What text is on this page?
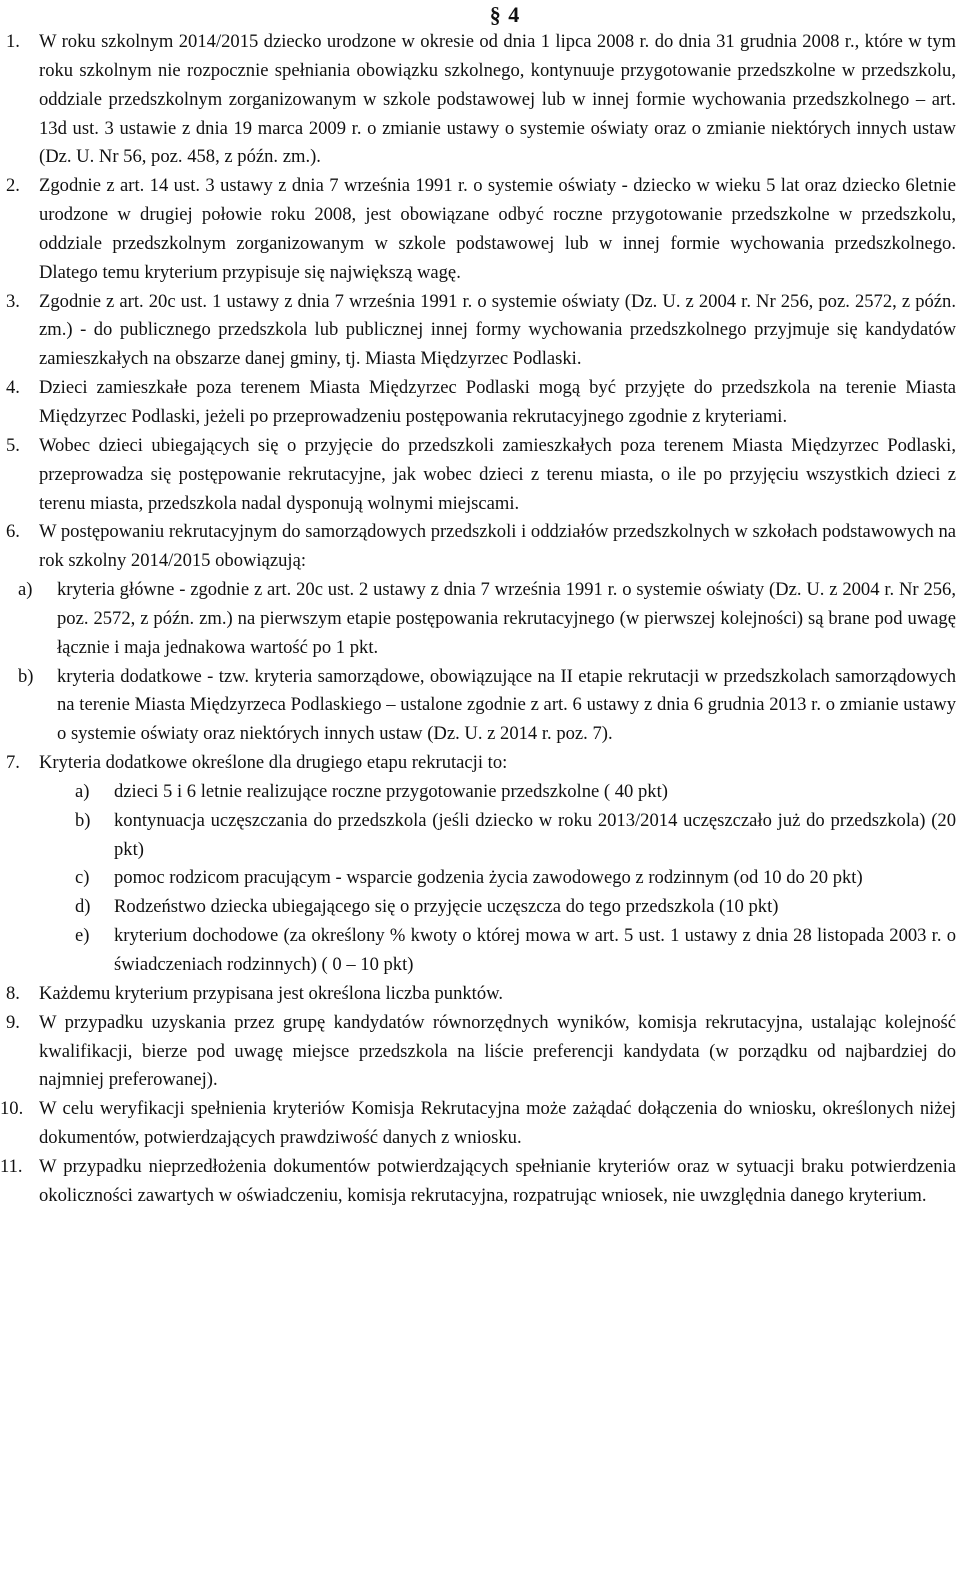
§ 4
1.	W roku szkolnym 2014/2015 dziecko urodzone w okresie od dnia 1 lipca 2008 r. do dnia 31 grudnia 2008 r., które w tym roku szkolnym nie rozpocznie spełniania obowiązku szkolnego, kontynuuje przygotowanie przedszkolne w przedszkolu, oddziale przedszkolnym zorganizowanym w szkole podstawowej lub w innej formie wychowania przedszkolnego – art. 13d ust. 3 ustawie z dnia 19 marca 2009 r. o zmianie ustawy o systemie oświaty oraz o zmianie niektórych innych ustaw (Dz. U. Nr 56, poz. 458, z późn. zm.).
2.	Zgodnie z art. 14 ust. 3 ustawy z dnia 7 września 1991 r. o systemie oświaty - dziecko w wieku 5 lat oraz dziecko 6letnie urodzone w drugiej połowie roku 2008, jest obowiązane odbyć roczne przygotowanie przedszkolne w przedszkolu, oddziale przedszkolnym zorganizowanym w szkole podstawowej lub w innej formie wychowania przedszkolnego. Dlatego temu kryterium przypisuje się największą wagę.
3.	Zgodnie z art. 20c ust. 1 ustawy z dnia 7 września 1991 r. o systemie oświaty (Dz. U. z 2004 r. Nr 256, poz. 2572, z późn. zm.) - do publicznego przedszkola lub publicznej innej formy wychowania przedszkolnego przyjmuje się kandydatów zamieszkałych na obszarze danej gminy, tj. Miasta Międzyrzec Podlaski.
4.	Dzieci zamieszkałe poza terenem Miasta Międzyrzec Podlaski mogą być przyjęte do przedszkola na terenie Miasta Międzyrzec Podlaski, jeżeli po przeprowadzeniu postępowania rekrutacyjnego zgodnie z kryteriami.
5.	Wobec dzieci ubiegających się o przyjęcie do przedszkoli zamieszkałych poza terenem Miasta Międzyrzec Podlaski, przeprowadza się postępowanie rekrutacyjne, jak wobec dzieci z terenu miasta, o ile po przyjęciu wszystkich dzieci z terenu miasta, przedszkola nadal dysponują wolnymi miejscami.
6.	W postępowaniu rekrutacyjnym do samorządowych przedszkoli i oddziałów przedszkolnych w szkołach podstawowych na rok szkolny 2014/2015 obowiązują:
a)	kryteria główne - zgodnie z art. 20c ust. 2 ustawy z dnia 7 września 1991 r. o systemie oświaty (Dz. U. z 2004 r. Nr 256, poz. 2572, z późn. zm.) na pierwszym etapie postępowania rekrutacyjnego (w pierwszej kolejności) są brane pod uwagę łącznie i maja jednakowa wartość po 1 pkt.
b)	kryteria dodatkowe - tzw. kryteria samorządowe, obowiązujące na II etapie rekrutacji w przedszkolach samorządowych na terenie Miasta Międzyrzeca Podlaskiego – ustalone zgodnie z art. 6 ustawy z dnia 6 grudnia 2013 r. o zmianie ustawy o systemie oświaty oraz niektórych innych ustaw (Dz. U. z 2014 r. poz. 7).
7.	Kryteria dodatkowe określone dla drugiego etapu rekrutacji to:
a)	dzieci 5 i 6 letnie realizujące roczne przygotowanie przedszkolne ( 40 pkt)
b)	kontynuacja uczęszczania do przedszkola (jeśli dziecko w roku 2013/2014 uczęszczało już do przedszkola) (20 pkt)
c)	pomoc rodzicom pracującym - wsparcie godzenia życia zawodowego z rodzinnym (od 10 do 20 pkt)
d)	Rodzeństwo dziecka ubiegającego się o przyjęcie uczęszcza do tego przedszkola (10 pkt)
e)	kryterium dochodowe (za określony % kwoty o której mowa w art. 5 ust. 1 ustawy z dnia 28 listopada 2003 r. o świadczeniach rodzinnych) ( 0 – 10 pkt)
8.	Każdemu kryterium przypisana jest określona liczba punktów.
9.	W przypadku uzyskania przez grupę kandydatów równorzędnych wyników, komisja rekrutacyjna, ustalając kolejność kwalifikacji, bierze pod uwagę miejsce przedszkola na liście preferencji kandydata (w porządku od najbardziej do najmniej preferowanej).
10. W celu weryfikacji spełnienia kryteriów Komisja Rekrutacyjna może zażądać dołączenia do wniosku, określonych niżej dokumentów, potwierdzających prawdziwość danych z wniosku.
11. W przypadku nieprzedłożenia dokumentów potwierdzających spełnianie kryteriów oraz w sytuacji braku potwierdzenia okoliczności zawartych w oświadczeniu, komisja rekrutacyjna, rozpatrując wniosek, nie uwzględnia danego kryterium.
